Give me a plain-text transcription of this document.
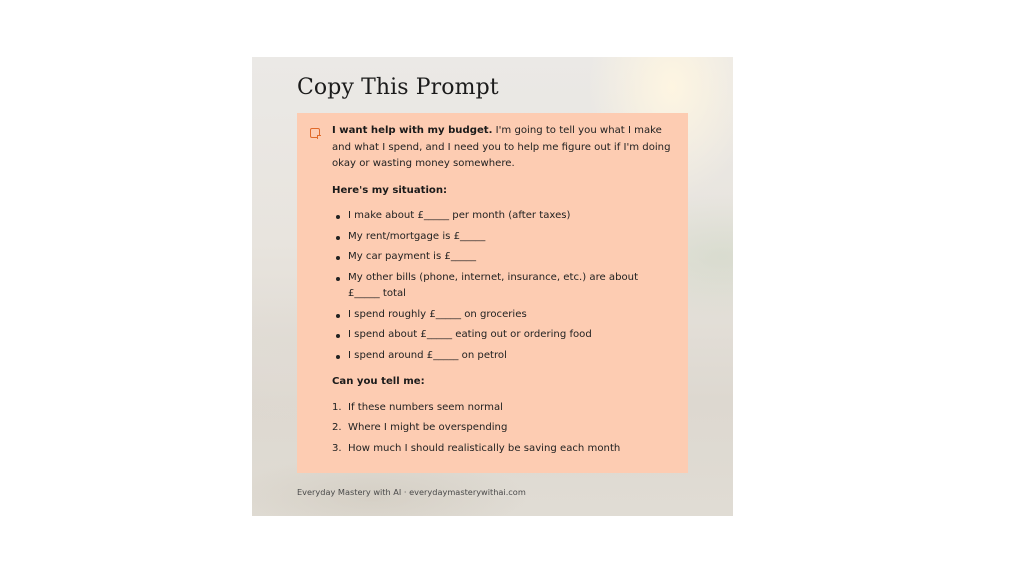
Copy This Prompt

I want help with my budget. I'm going to tell you what I make and what I spend, and I need you to help me figure out if I'm doing okay or wasting money somewhere.

Here's my situation:

I make about £_____ per month (after taxes)
My rent/mortgage is £_____
My car payment is £_____
My other bills (phone, internet, insurance, etc.) are about £_____ total
I spend roughly £_____ on groceries
I spend about £_____ eating out or ordering food
I spend around £_____ on petrol

Can you tell me:

1. If these numbers seem normal
2. Where I might be overspending
3. How much I should realistically be saving each month

Everyday Mastery with AI · everydaymasterywithai.com
